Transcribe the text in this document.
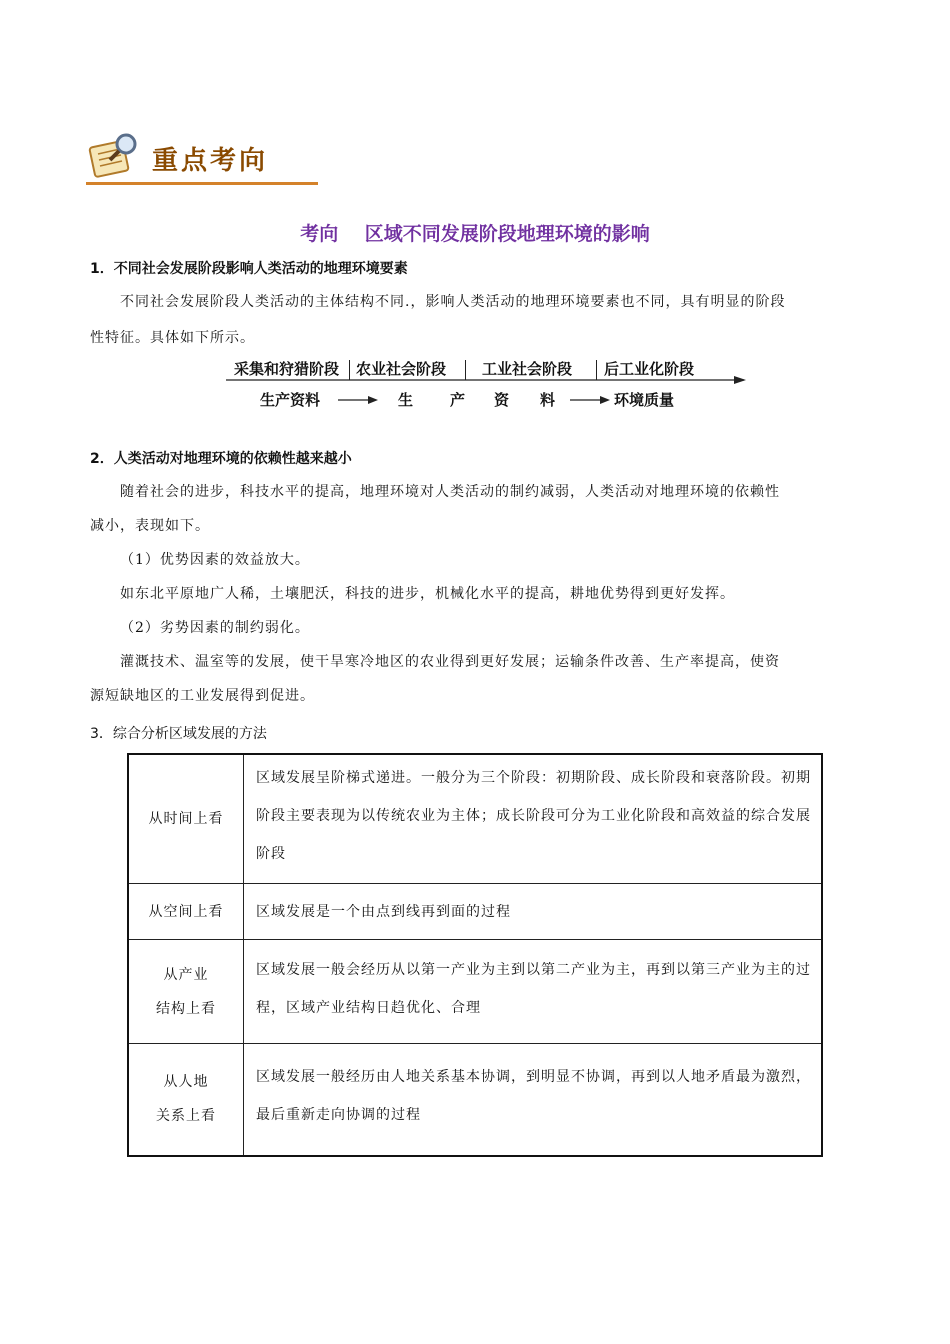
重点考向
考向    区域不同发展阶段地理环境的影响
1．不同社会发展阶段影响人类活动的地理环境要素
不同社会发展阶段人类活动的主体结构不同.，影响人类活动的地理环境要素也不同，具有明显的阶段
性特征。具体如下所示。
采集和狩猎阶段 农业社会阶段 工业社会阶段 后工业化阶段
生产资料	生 产 资 料	环境质量
2．人类活动对地理环境的依赖性越来越小
随着社会的进步，科技水平的提高，地理环境对人类活动的制约减弱，人类活动对地理环境的依赖性
减小，表现如下。
（1）优势因素的效益放大。
如东北平原地广人稀，土壤肥沃，科技的进步，机械化水平的提高，耕地优势得到更好发挥。
（2）劣势因素的制约弱化。
灌溉技术、温室等的发展，使干旱寒冷地区的农业得到更好发展；运输条件改善、生产率提高，使资
源短缺地区的工业发展得到促进。
3．综合分析区域发展的方法
从时间上看	区域发展呈阶梯式递进。一般分为三个阶段：初期阶段、成长阶段和衰落阶段。初期阶段主要表现为以传统农业为主体；成长阶段可分为工业化阶段和高效益的综合发展阶段
从空间上看	区域发展是一个由点到线再到面的过程

从产业
结构上看	区域发展一般会经历从以第一产业为主到以第二产业为主，再到以第三产业为主的过程，区域产业结构日趋优化、合理

从人地
关系上看	区域发展一般经历由人地关系基本协调，到明显不协调，再到以人地矛盾最为激烈，最后重新走向协调的过程
